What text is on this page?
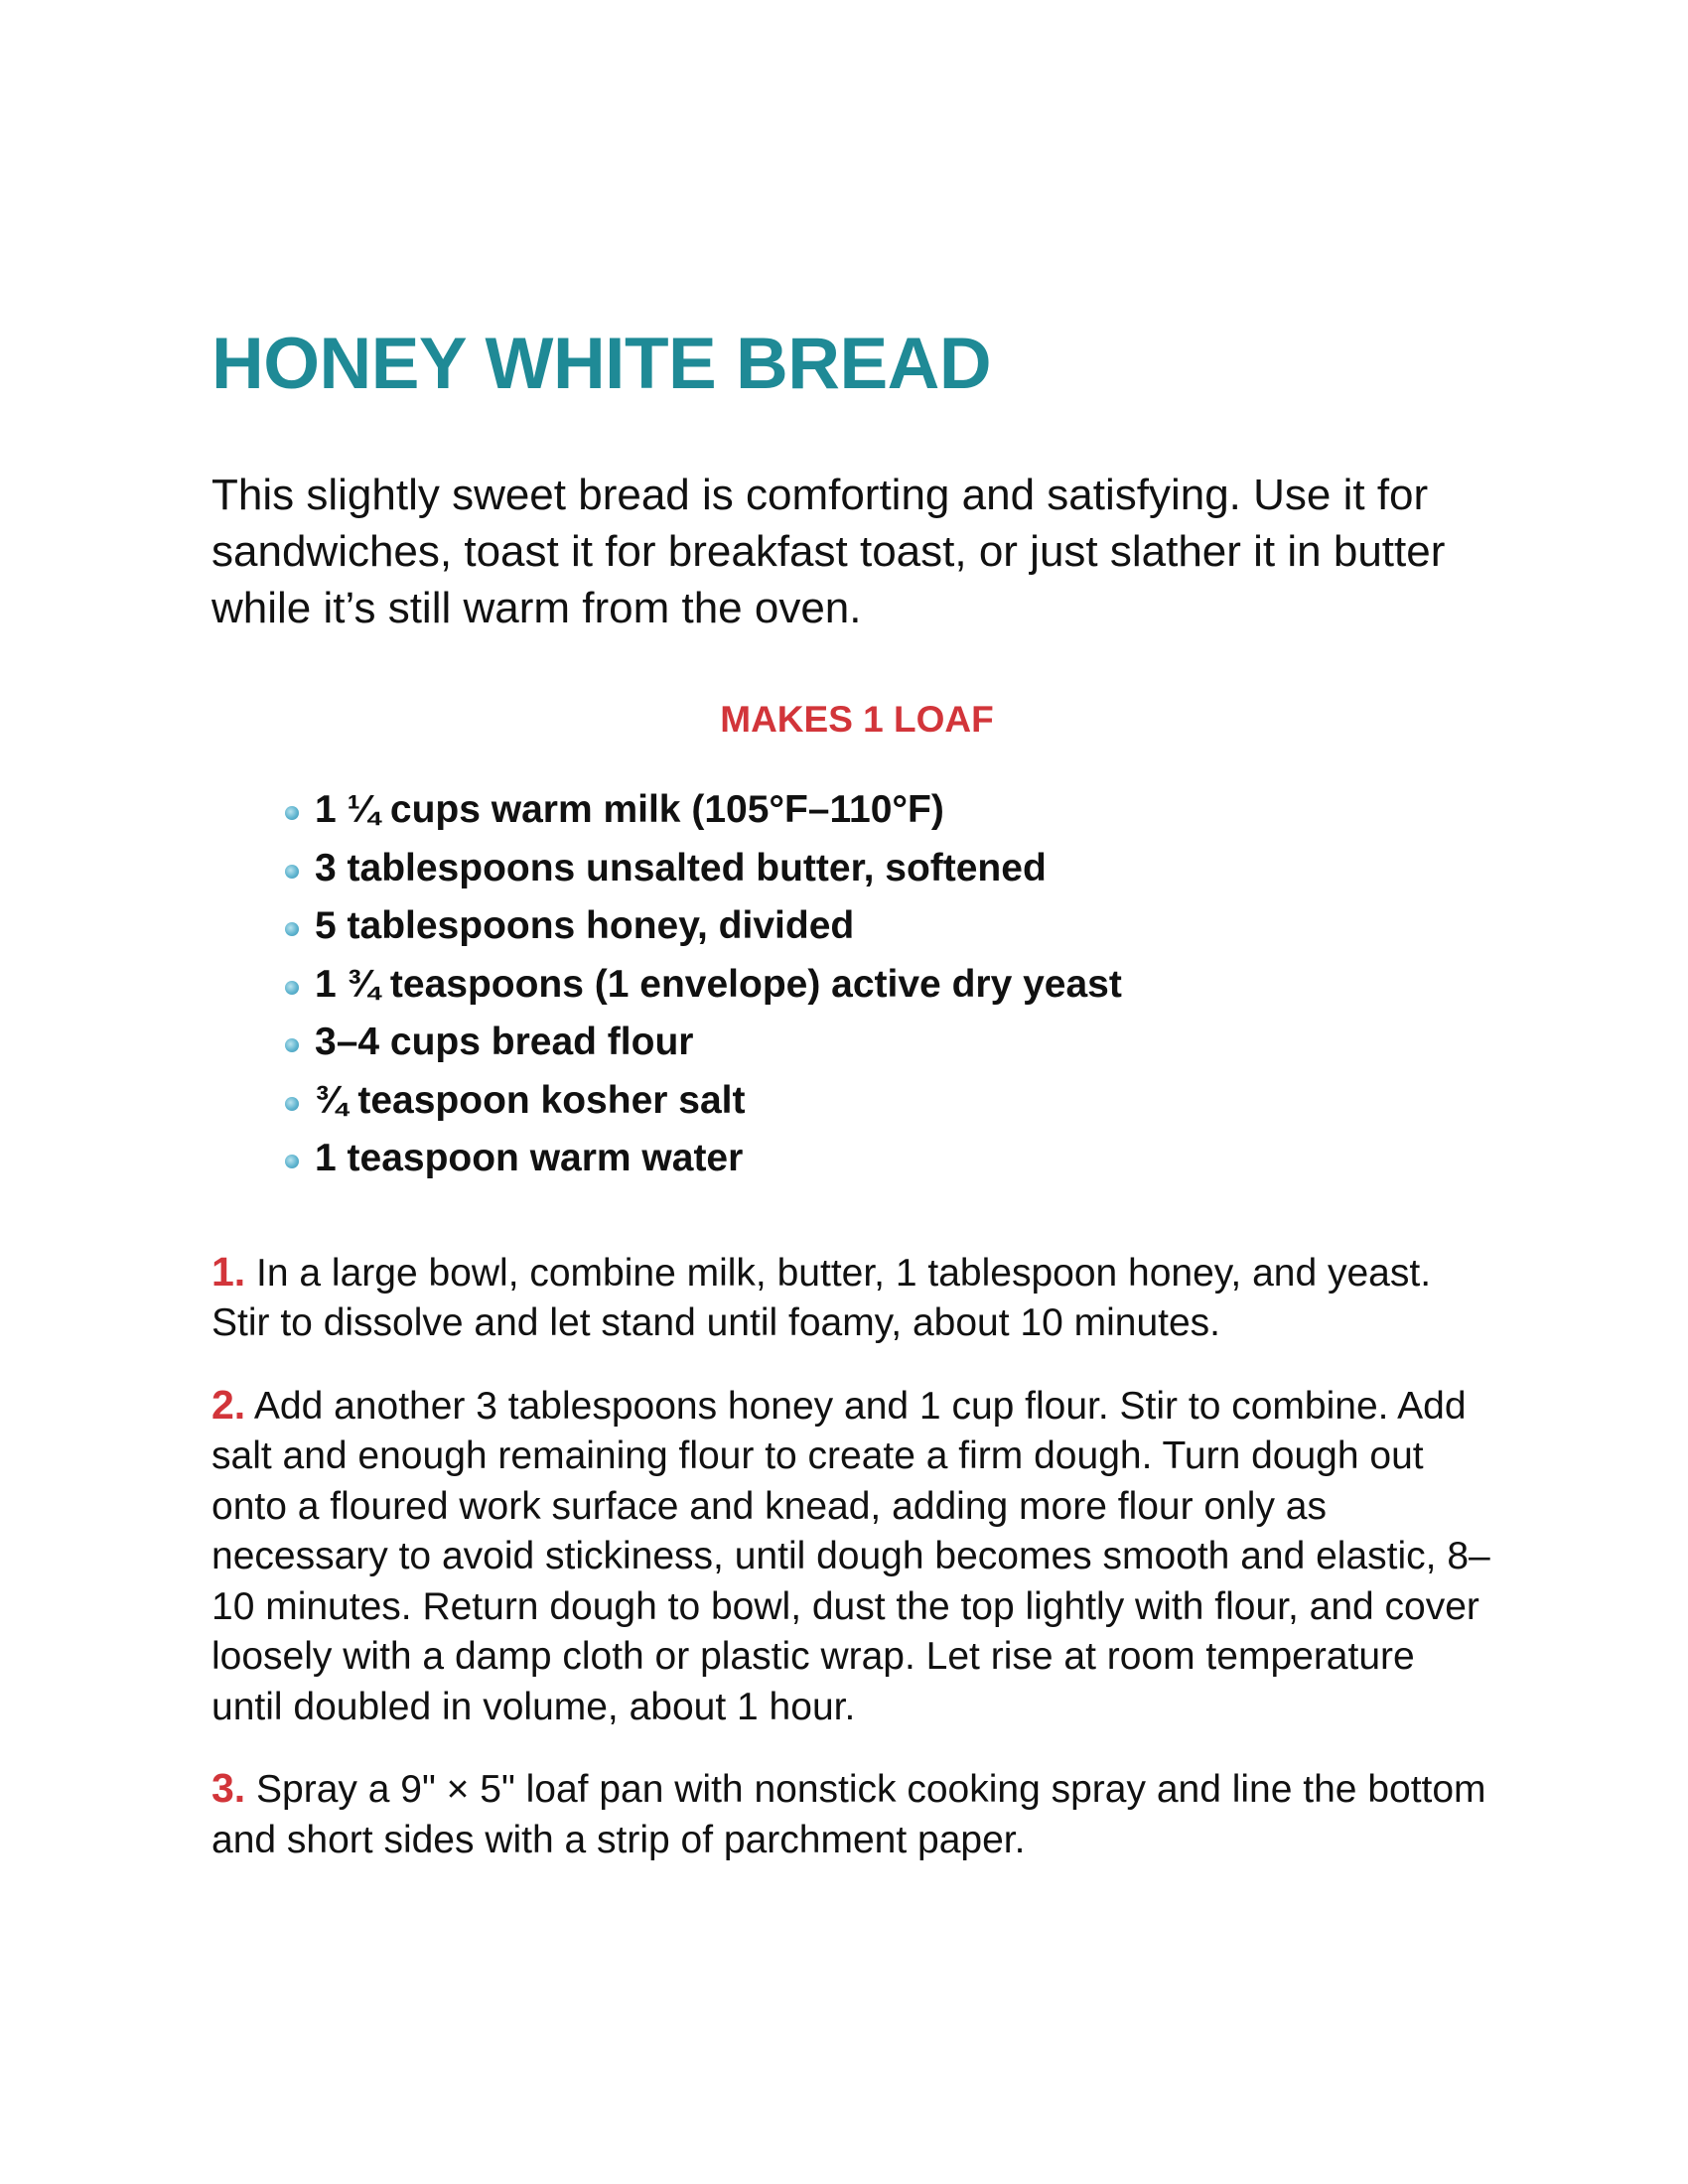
HONEY WHITE BREAD

This slightly sweet bread is comforting and satisfying. Use it for sandwiches, toast it for breakfast toast, or just slather it in butter while it’s still warm from the oven.

MAKES 1 LOAF
1 ¼ cups warm milk (105°F–110°F)
3 tablespoons unsalted butter, softened
5 tablespoons honey, divided
1 ¾ teaspoons (1 envelope) active dry yeast
3–4 cups bread flour
¾ teaspoon kosher salt
1 teaspoon warm water

1. In a large bowl, combine milk, butter, 1 tablespoon honey, and yeast. Stir to dissolve and let stand until foamy, about 10 minutes.

2. Add another 3 tablespoons honey and 1 cup flour. Stir to combine. Add salt and enough remaining flour to create a firm dough. Turn dough out onto a floured work surface and knead, adding more flour only as necessary to avoid stickiness, until dough becomes smooth and elastic, 8–10 minutes. Return dough to bowl, dust the top lightly with flour, and cover loosely with a damp cloth or plastic wrap. Let rise at room temperature until doubled in volume, about 1 hour.

3. Spray a 9" × 5" loaf pan with nonstick cooking spray and line the bottom and short sides with a strip of parchment paper.
